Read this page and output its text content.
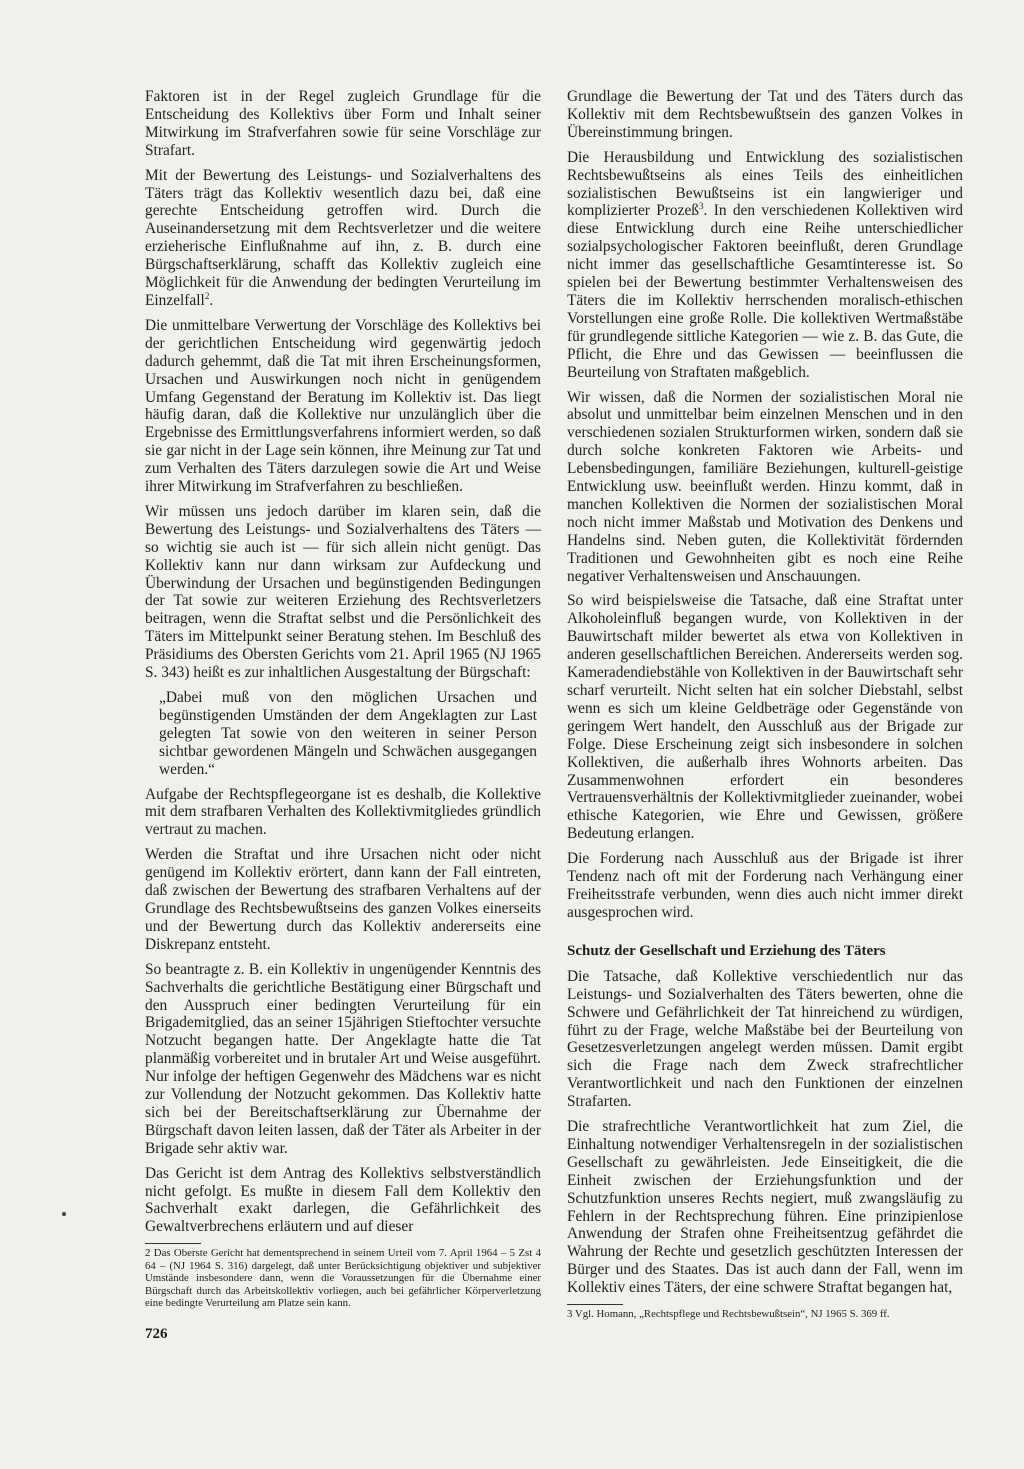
Faktoren ist in der Regel zugleich Grundlage für die Entscheidung des Kollektivs über Form und Inhalt seiner Mitwirkung im Strafverfahren sowie für seine Vorschläge zur Strafart.

Mit der Bewertung des Leistungs- und Sozialverhaltens des Täters trägt das Kollektiv wesentlich dazu bei, daß eine gerechte Entscheidung getroffen wird. Durch die Auseinandersetzung mit dem Rechtsverletzer und die weitere erzieherische Einflußnahme auf ihn, z. B. durch eine Bürgschaftserklärung, schafft das Kollektiv zugleich eine Möglichkeit für die Anwendung der bedingten Verurteilung im Einzelfall$^2$.

Die unmittelbare Verwertung der Vorschläge des Kollektivs bei der gerichtlichen Entscheidung wird gegenwärtig jedoch dadurch gehemmt, daß die Tat mit ihren Erscheinungsformen, Ursachen und Auswirkungen noch nicht in genügendem Umfang Gegenstand der Beratung im Kollektiv ist. Das liegt häufig daran, daß die Kollektive nur unzulänglich über die Ergebnisse des Ermittlungsverfahrens informiert werden, so daß sie gar nicht in der Lage sein können, ihre Meinung zur Tat und zum Verhalten des Täters darzulegen sowie die Art und Weise ihrer Mitwirkung im Strafverfahren zu beschließen.

Wir müssen uns jedoch darüber im klaren sein, daß die Bewertung des Leistungs- und Sozialverhaltens des Täters — so wichtig sie auch ist — für sich allein nicht genügt. Das Kollektiv kann nur dann wirksam zur Aufdeckung und Überwindung der Ursachen und begünstigenden Bedingungen der Tat sowie zur weiteren Erziehung des Rechtsverletzers beitragen, wenn die Straftat selbst und die Persönlichkeit des Täters im Mittelpunkt seiner Beratung stehen. Im Beschluß des Präsidiums des Obersten Gerichts vom 21. April 1965 (NJ 1965 S. 343) heißt es zur inhaltlichen Ausgestaltung der Bürgschaft:

„Dabei muß von den möglichen Ursachen und begünstigenden Umständen der dem Angeklagten zur Last gelegten Tat sowie von den weiteren in seiner Person sichtbar gewordenen Mängeln und Schwächen ausgegangen werden.“

Aufgabe der Rechtspflegeorgane ist es deshalb, die Kollektive mit dem strafbaren Verhalten des Kollektivmitgliedes gründlich vertraut zu machen.

Werden die Straftat und ihre Ursachen nicht oder nicht genügend im Kollektiv erörtert, dann kann der Fall eintreten, daß zwischen der Bewertung des strafbaren Verhaltens auf der Grundlage des Rechtsbewußtseins des ganzen Volkes einerseits und der Bewertung durch das Kollektiv andererseits eine Diskrepanz entsteht.

So beantragte z. B. ein Kollektiv in ungenügender Kenntnis des Sachverhalts die gerichtliche Bestätigung einer Bürgschaft und den Ausspruch einer bedingten Verurteilung für ein Brigademitglied, das an seiner 15jährigen Stieftochter versuchte Notzucht begangen hatte. Der Angeklagte hatte die Tat planmäßig vorbereitet und in brutaler Art und Weise ausgeführt. Nur infolge der heftigen Gegenwehr des Mädchens war es nicht zur Vollendung der Notzucht gekommen. Das Kollektiv hatte sich bei der Bereitschaftserklärung zur Übernahme der Bürgschaft davon leiten lassen, daß der Täter als Arbeiter in der Brigade sehr aktiv war.

Das Gericht ist dem Antrag des Kollektivs selbstverständlich nicht gefolgt. Es mußte in diesem Fall dem Kollektiv den Sachverhalt exakt darlegen, die Gefährlichkeit des Gewaltverbrechens erläutern und auf dieser

2 Das Oberste Gericht hat dementsprechend in seinem Urteil vom 7. April 1964 – 5 Zst 4 64 – (NJ 1964 S. 316) dargelegt, daß unter Berücksichtigung objektiver und subjektiver Umstände insbesondere dann, wenn die Voraussetzungen für die Übernahme einer Bürgschaft durch das Arbeitskollektiv vorliegen, auch bei gefährlicher Körperverletzung eine bedingte Verurteilung am Platze sein kann.

Grundlage die Bewertung der Tat und des Täters durch das Kollektiv mit dem Rechtsbewußtsein des ganzen Volkes in Übereinstimmung bringen.

Die Herausbildung und Entwicklung des sozialistischen Rechtsbewußtseins als eines Teils des einheitlichen sozialistischen Bewußtseins ist ein langwieriger und komplizierter Prozeß$^3$. In den verschiedenen Kollektiven wird diese Entwicklung durch eine Reihe unterschiedlicher sozialpsychologischer Faktoren beeinflußt, deren Grundlage nicht immer das gesellschaftliche Gesamtinteresse ist. So spielen bei der Bewertung bestimmter Verhaltensweisen des Täters die im Kollektiv herrschenden moralisch-ethischen Vorstellungen eine große Rolle. Die kollektiven Wertmaßstäbe für grundlegende sittliche Kategorien — wie z. B. das Gute, die Pflicht, die Ehre und das Gewissen — beeinflussen die Beurteilung von Straftaten maßgeblich.

Wir wissen, daß die Normen der sozialistischen Moral nie absolut und unmittelbar beim einzelnen Menschen und in den verschiedenen sozialen Strukturformen wirken, sondern daß sie durch solche konkreten Faktoren wie Arbeits- und Lebensbedingungen, familiäre Beziehungen, kulturell-geistige Entwicklung usw. beeinflußt werden. Hinzu kommt, daß in manchen Kollektiven die Normen der sozialistischen Moral noch nicht immer Maßstab und Motivation des Denkens und Handelns sind. Neben guten, die Kollektivität fördernden Traditionen und Gewohnheiten gibt es noch eine Reihe negativer Verhaltensweisen und Anschauungen.

So wird beispielsweise die Tatsache, daß eine Straftat unter Alkoholeinfluß begangen wurde, von Kollektiven in der Bauwirtschaft milder bewertet als etwa von Kollektiven in anderen gesellschaftlichen Bereichen. Andererseits werden sog. Kameradendiebstähle von Kollektiven in der Bauwirtschaft sehr scharf verurteilt. Nicht selten hat ein solcher Diebstahl, selbst wenn es sich um kleine Geldbeträge oder Gegenstände von geringem Wert handelt, den Ausschluß aus der Brigade zur Folge. Diese Erscheinung zeigt sich insbesondere in solchen Kollektiven, die außerhalb ihres Wohnorts arbeiten. Das Zusammenwohnen erfordert ein besonderes Vertrauensverhältnis der Kollektivmitglieder zueinander, wobei ethische Kategorien, wie Ehre und Gewissen, größere Bedeutung erlangen.

Die Forderung nach Ausschluß aus der Brigade ist ihrer Tendenz nach oft mit der Forderung nach Verhängung einer Freiheitsstrafe verbunden, wenn dies auch nicht immer direkt ausgesprochen wird.

Schutz der Gesellschaft und Erziehung des Täters

Die Tatsache, daß Kollektive verschiedentlich nur das Leistungs- und Sozialverhalten des Täters bewerten, ohne die Schwere und Gefährlichkeit der Tat hinreichend zu würdigen, führt zu der Frage, welche Maßstäbe bei der Beurteilung von Gesetzesverletzungen angelegt werden müssen. Damit ergibt sich die Frage nach dem Zweck strafrechtlicher Verantwortlichkeit und nach den Funktionen der einzelnen Strafarten.

Die strafrechtliche Verantwortlichkeit hat zum Ziel, die Einhaltung notwendiger Verhaltensregeln in der sozialistischen Gesellschaft zu gewährleisten. Jede Einseitigkeit, die die Einheit zwischen der Erziehungsfunktion und der Schutzfunktion unseres Rechts negiert, muß zwangsläufig zu Fehlern in der Rechtsprechung führen. Eine prinzipienlose Anwendung der Strafen ohne Freiheitsentzug gefährdet die Wahrung der Rechte und gesetzlich geschützten Interessen der Bürger und des Staates. Das ist auch dann der Fall, wenn im Kollektiv eines Täters, der eine schwere Straftat begangen hat,

3 Vgl. Homann, „Rechtspflege und Rechtsbewußtsein“, NJ 1965 S. 369 ff.

726
